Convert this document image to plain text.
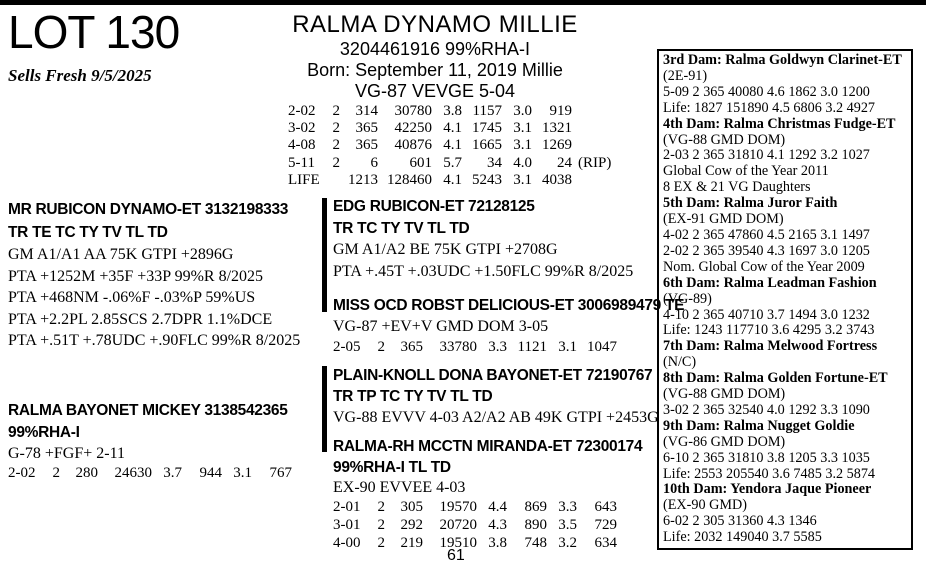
LOT 130
Sells Fresh 9/5/2025
RALMA DYNAMO MILLIE
3204461916 99%RHA-I
Born: September 11, 2019 Millie
VG-87 VEVGE 5-04
2-02 2 314 30780 3.8 1157 3.0 919
3-02 2 365 42250 4.1 1745 3.1 1321
4-08 2 365 40876 4.1 1665 3.1 1269
5-11 2 6 601 5.7 34 4.0 24 (RIP)
LIFE 1213 128460 4.1 5243 3.1 4038
MR RUBICON DYNAMO-ET 3132198333
TR TE TC TY TV TL TD
GM A1/A1 AA 75K GTPI +2896G
PTA +1252M +35F +33P 99%R 8/2025
PTA +468NM -.06%F -.03%P 59%US
PTA +2.2PL 2.85SCS 2.7DPR 1.1%DCE
PTA +.51T +.78UDC +.90FLC 99%R 8/2025
RALMA BAYONET MICKEY 3138542365
99%RHA-I
G-78 +FGF+ 2-11
2-02 2 280 24630 3.7 944 3.1 767
EDG RUBICON-ET 72128125
TR TC TY TV TL TD
GM A1/A2 BE 75K GTPI +2708G
PTA +.45T +.03UDC +1.50FLC 99%R 8/2025
MISS OCD ROBST DELICIOUS-ET 3006989479 TE
VG-87 +EV+V GMD DOM 3-05
2-05 2 365 33780 3.3 1121 3.1 1047
PLAIN-KNOLL DONA BAYONET-ET 72190767
TR TP TC TY TV TL TD
VG-88 EVVV 4-03 A2/A2 AB 49K GTPI +2453G
RALMA-RH MCCTN MIRANDA-ET 72300174
99%RHA-I TL TD
EX-90 EVVEE 4-03
2-01 2 305 19570 4.4 869 3.3 643
3-01 2 292 20720 4.3 890 3.5 729
4-00 2 219 19510 3.8 748 3.2 634
3rd Dam: Ralma Goldwyn Clarinet-ET
(2E-91)
5-09 2 365 40080 4.6 1862 3.0 1200
Life: 1827 151890 4.5 6806 3.2 4927
4th Dam: Ralma Christmas Fudge-ET
(VG-88 GMD DOM)
2-03 2 365 31810 4.1 1292 3.2 1027
Global Cow of the Year 2011
8 EX & 21 VG Daughters
5th Dam: Ralma Juror Faith
(EX-91 GMD DOM)
4-02 2 365 47860 4.5 2165 3.1 1497
2-02 2 365 39540 4.3 1697 3.0 1205
Nom. Global Cow of the Year 2009
6th Dam: Ralma Leadman Fashion
(VG-89)
4-10 2 365 40710 3.7 1494 3.0 1232
Life: 1243 117710 3.6 4295 3.2 3743
7th Dam: Ralma Melwood Fortress
(N/C)
8th Dam: Ralma Golden Fortune-ET
(VG-88 GMD DOM)
3-02 2 365 32540 4.0 1292 3.3 1090
9th Dam: Ralma Nugget Goldie
(VG-86 GMD DOM)
6-10 2 365 31810 3.8 1205 3.3 1035
Life: 2553 205540 3.6 7485 3.2 5874
10th Dam: Yendora Jaque Pioneer
(EX-90 GMD)
6-02 2 305 31360 4.3 1346
Life: 2032 149040 3.7 5585
61
